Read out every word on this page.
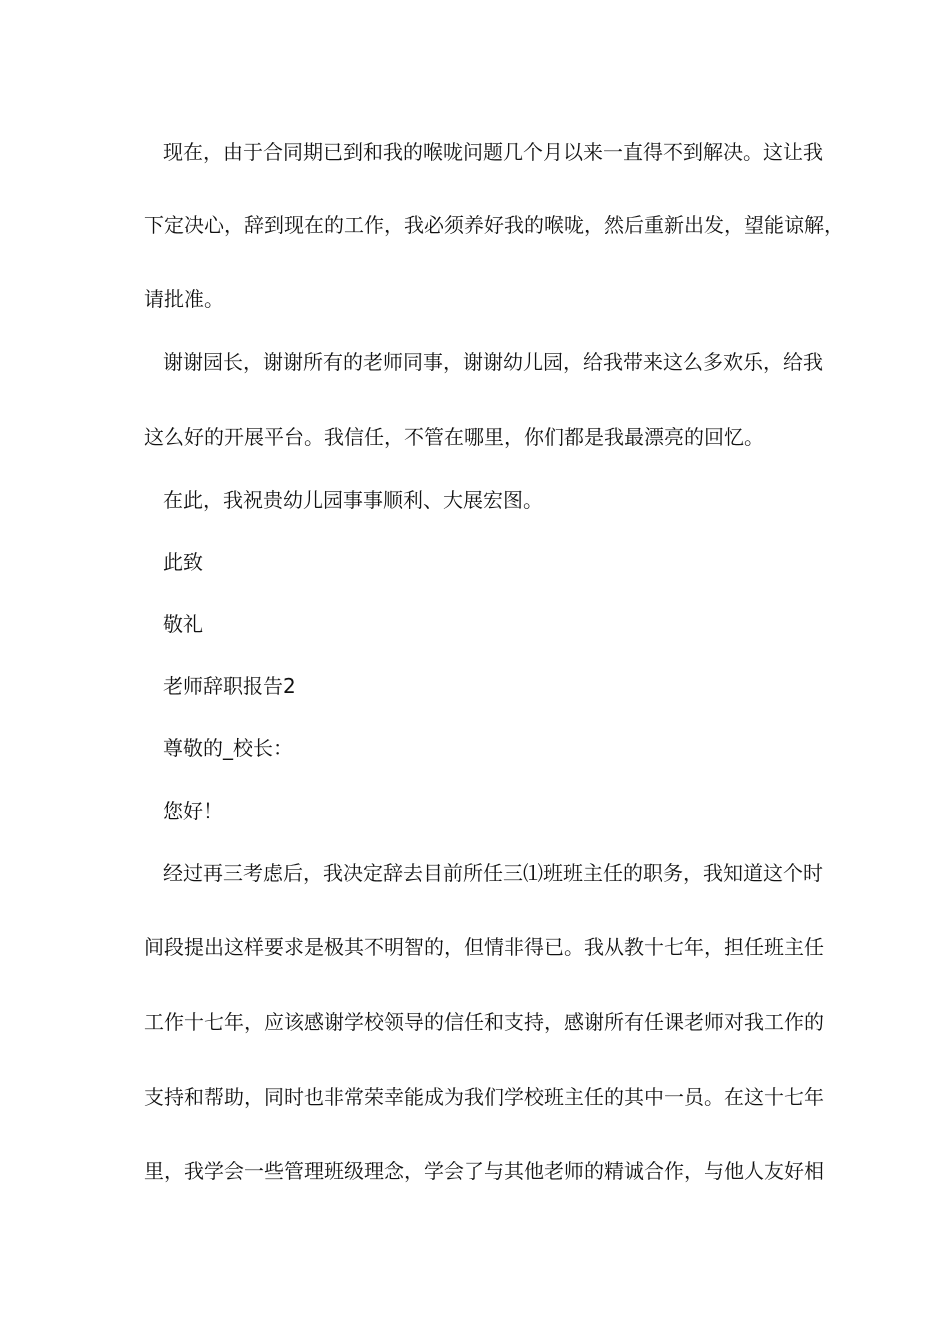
现在，由于合同期已到和我的喉咙问题几个月以来一直得不到解决。这让我
下定决心，辞到现在的工作，我必须养好我的喉咙，然后重新出发，望能谅解，
请批准。
谢谢园长，谢谢所有的老师同事，谢谢幼儿园，给我带来这么多欢乐，给我
这么好的开展平台。我信任，不管在哪里，你们都是我最漂亮的回忆。
在此，我祝贵幼儿园事事顺利、大展宏图。
此致
敬礼
老师辞职报告2
尊敬的_校长：
您好！
经过再三考虑后，我决定辞去目前所任三⑴班班主任的职务，我知道这个时
间段提出这样要求是极其不明智的，但情非得已。我从教十七年，担任班主任
工作十七年，应该感谢学校领导的信任和支持，感谢所有任课老师对我工作的
支持和帮助，同时也非常荣幸能成为我们学校班主任的其中一员。在这十七年
里，我学会一些管理班级理念，学会了与其他老师的精诚合作，与他人友好相
